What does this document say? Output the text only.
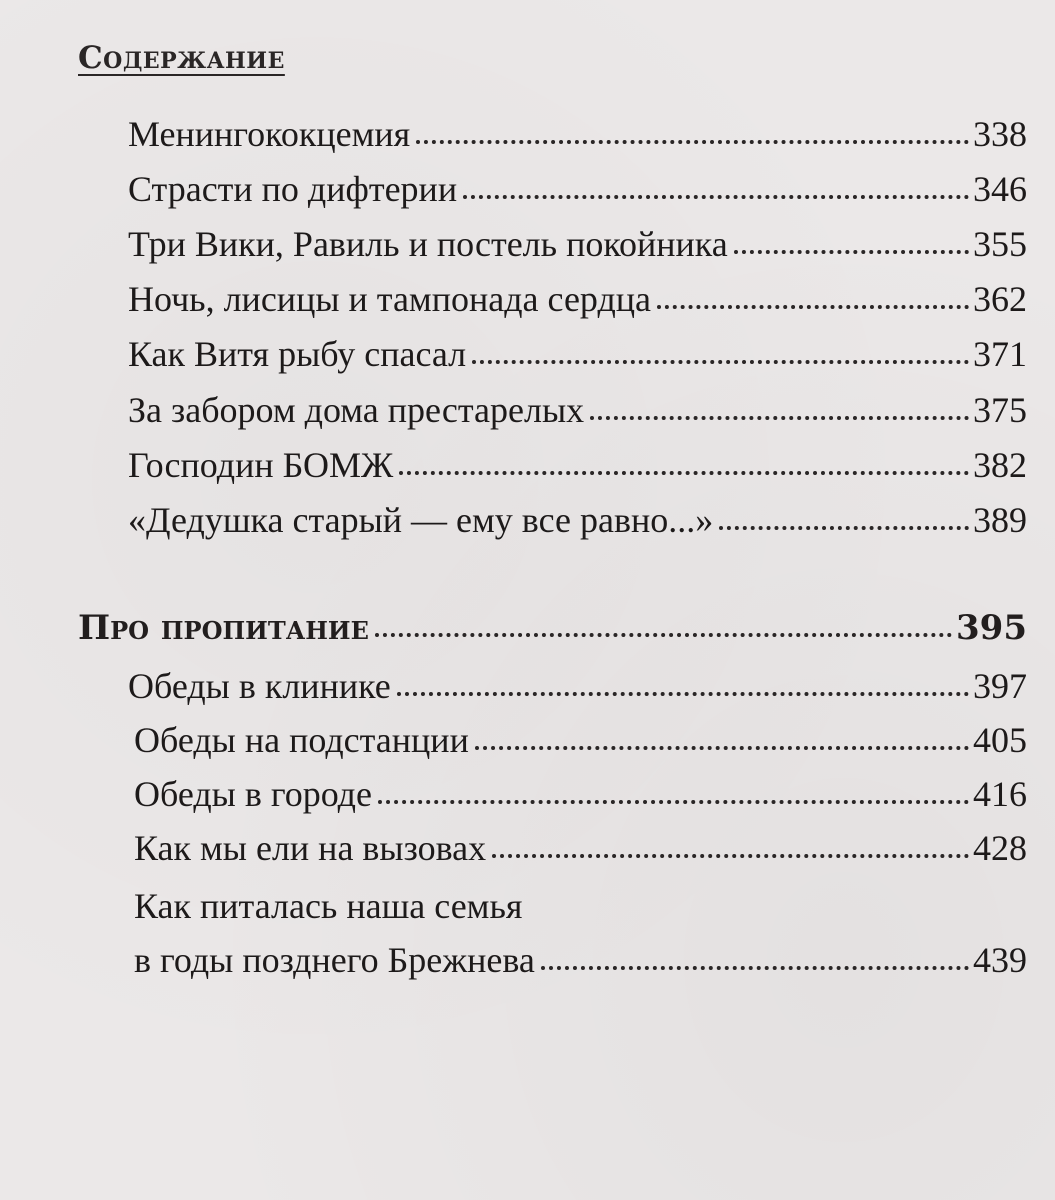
Содержание
Менингококцемия	338
Страсти по дифтерии	346
Три Вики, Равиль и постель покойника	355
Ночь, лисицы и тампонада сердца	362
Как Витя рыбу спасал	371
За забором дома престарелых	375
Господин БОМЖ	382
«Дедушка старый — ему все равно...»	389
Про пропитание	395
Обеды в клинике	397
Обеды на подстанции	405
Обеды в городе	416
Как мы ели на вызовах	428
Как питалась наша семья
в годы позднего Брежнева	439
